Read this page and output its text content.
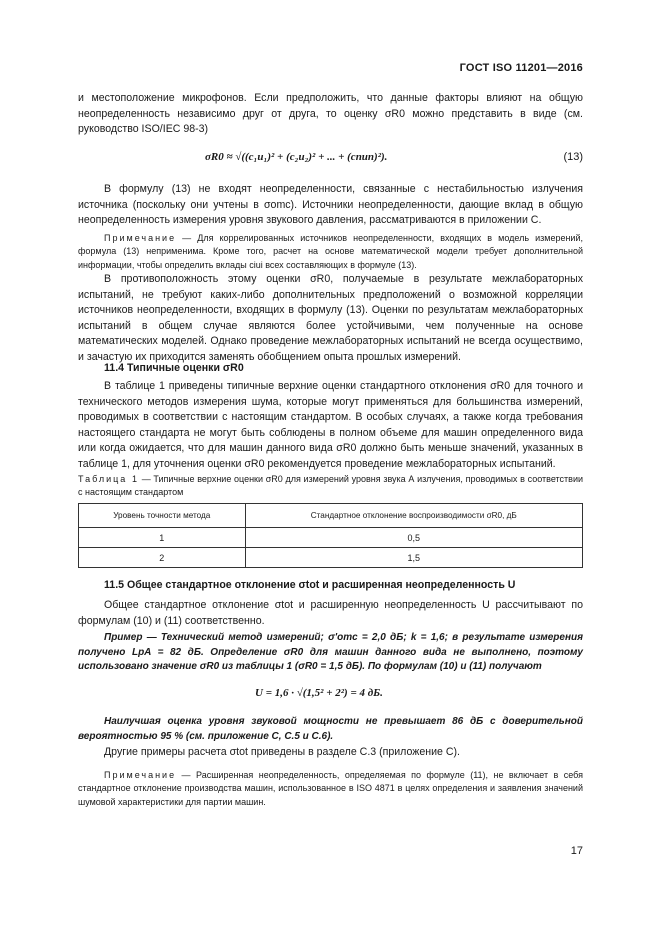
ГОСТ ISO 11201—2016
и местоположение микрофонов. Если предположить, что данные факторы влияют на общую неопределенность независимо друг от друга, то оценку σR0 можно представить в виде (см. руководство ISO/IEC 98-3)
σR0 ≈ √((c₁u₁)² + (c₂u₂)² + ... + (cnun)²).	(13)
В формулу (13) не входят неопределенности, связанные с нестабильностью излучения источника (поскольку они учтены в σomc). Источники неопределенности, дающие вклад в общую неопределенность измерения уровня звукового давления, рассматриваются в приложении С.
Примечание — Для коррелированных источников неопределенности, входящих в модель измерений, формула (13) неприменима. Кроме того, расчет на основе математической модели требует дополнительной информации, чтобы определить вклады ciui всех составляющих в формуле (13).
В противоположность этому оценки σR0, получаемые в результате межлабораторных испытаний, не требуют каких-либо дополнительных предположений о возможной корреляции источников неопределенности, входящих в формулу (13). Оценки по результатам межлабораторных испытаний в общем случае являются более устойчивыми, чем полученные на основе математических моделей. Однако проведение межлабораторных испытаний не всегда осуществимо, и зачастую их приходится заменять обобщением опыта прошлых измерений.
11.4 Типичные оценки σR0
В таблице 1 приведены типичные верхние оценки стандартного отклонения σR0 для точного и технического методов измерения шума, которые могут применяться для большинства измерений, проводимых в соответствии с настоящим стандартом. В особых случаях, а также когда требования настоящего стандарта не могут быть соблюдены в полном объеме для машин определенного вида или когда ожидается, что для машин данного вида σR0 должно быть меньше значений, указанных в таблице 1, для уточнения оценки σR0 рекомендуется проведение межлабораторных испытаний.
Таблица 1 — Типичные верхние оценки σR0 для измерений уровня звука А излучения, проводимых в соответствии с настоящим стандартом
Уровень точности метода	Стандартное отклонение воспроизводимости σR0, дБ
1	0,5
2	1,5
11.5 Общее стандартное отклонение σtot и расширенная неопределенность U
Общее стандартное отклонение σtot и расширенную неопределенность U рассчитывают по формулам (10) и (11) соответственно.
Пример — Технический метод измерений; σ'omc = 2,0 дБ; k = 1,6; в результате измерения получено LpA = 82 дБ. Определение σR0 для машин данного вида не выполнено, поэтому использовано значение σR0 из таблицы 1 (σR0 = 1,5 дБ). По формулам (10) и (11) получают
U = 1,6 · √(1,5² + 2²) = 4 дБ.
Наилучшая оценка уровня звуковой мощности не превышает 86 дБ с доверительной вероятностью 95 % (см. приложение С, С.5 и С.6).
Другие примеры расчета σtot приведены в разделе С.3 (приложение С).
Примечание — Расширенная неопределенность, определяемая по формуле (11), не включает в себя стандартное отклонение производства машин, использованное в ISO 4871 в целях определения и заявления значений шумовой характеристики для партии машин.
17
